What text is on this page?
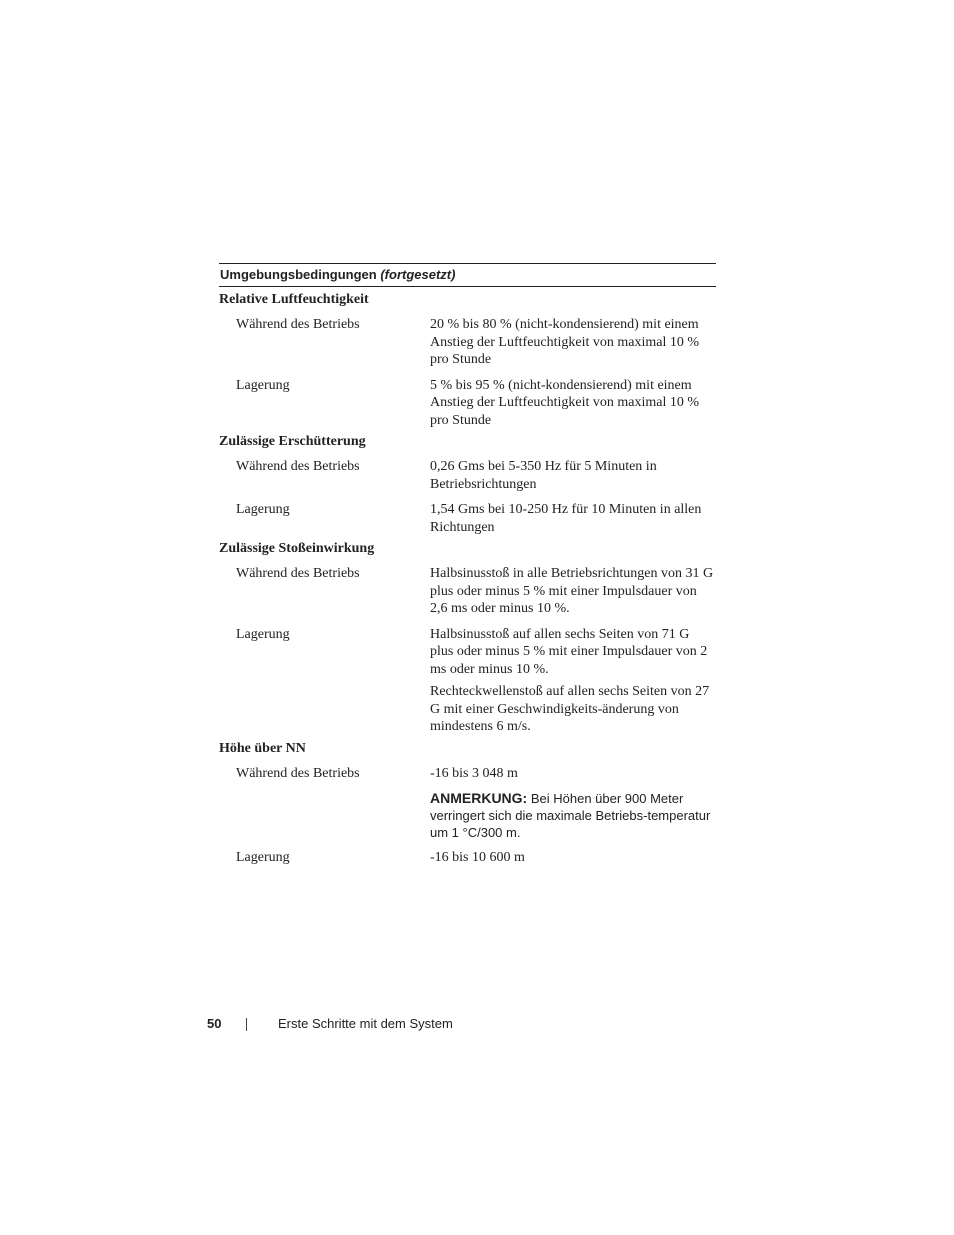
Umgebungsbedingungen (fortgesetzt)
Relative Luftfeuchtigkeit
Während des Betriebs	20 % bis 80 % (nicht-kondensierend) mit einem Anstieg der Luftfeuchtigkeit von maximal 10 % pro Stunde
Lagerung	5 % bis 95 % (nicht-kondensierend) mit einem Anstieg der Luftfeuchtigkeit von maximal 10 % pro Stunde
Zulässige Erschütterung
Während des Betriebs	0,26 Gms bei 5-350 Hz für 5 Minuten in Betriebsrichtungen
Lagerung	1,54 Gms bei 10-250 Hz für 10 Minuten in allen Richtungen
Zulässige Stoßeinwirkung
Während des Betriebs	Halbsinusstoß in alle Betriebsrichtungen von 31 G plus oder minus 5 % mit einer Impulsdauer von 2,6 ms oder minus 10 %.
Lagerung	Halbsinusstoß auf allen sechs Seiten von 71 G plus oder minus 5 % mit einer Impulsdauer von 2 ms oder minus 10 %.
Rechteckwellenstoß auf allen sechs Seiten von 27 G mit einer Geschwindigkeits-änderung von mindestens 6 m/s.
Höhe über NN
Während des Betriebs	-16 bis 3 048 m
ANMERKUNG: Bei Höhen über 900 Meter verringert sich die maximale Betriebs-temperatur um 1 °C/300 m.
Lagerung	-16 bis 10 600 m
50	Erste Schritte mit dem System
